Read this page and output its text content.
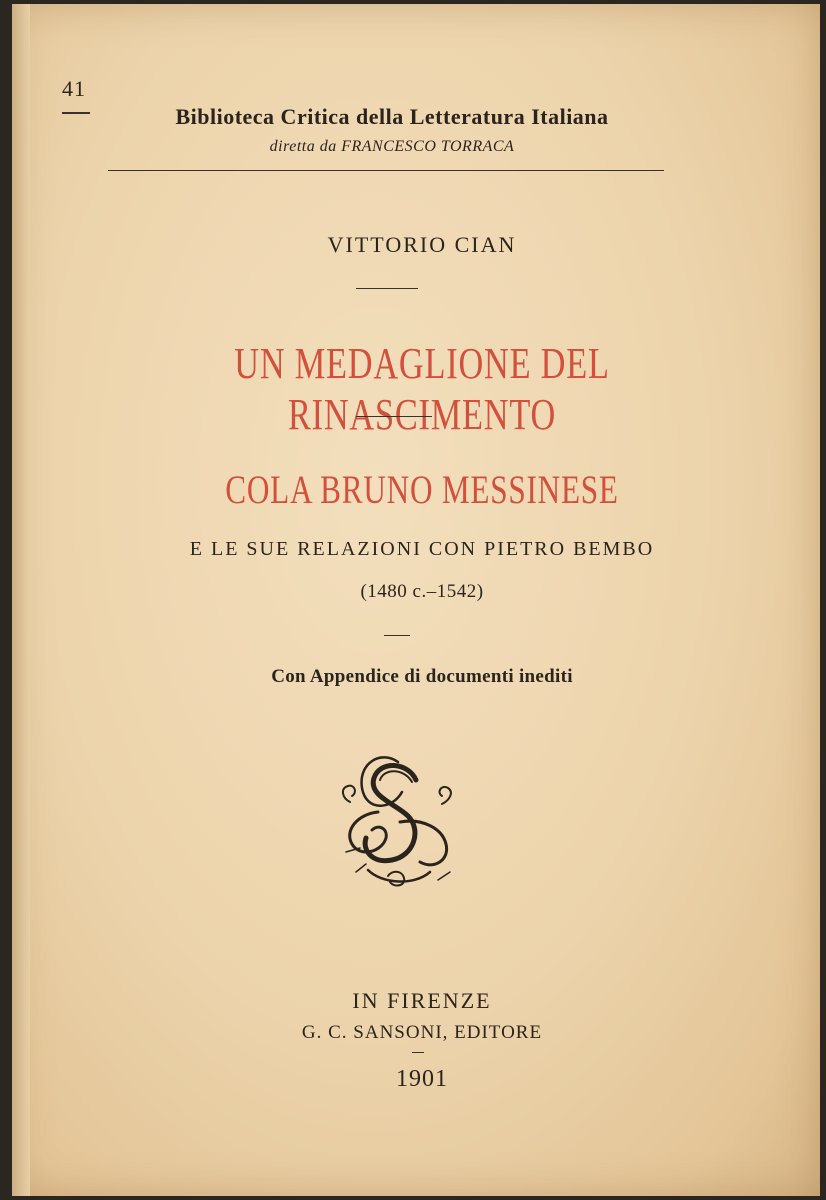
41
Biblioteca Critica della Letteratura Italiana
diretta da FRANCESCO TORRACA
VITTORIO CIAN
UN MEDAGLIONE DEL RINASCIMENTO
COLA BRUNO MESSINESE
E LE SUE RELAZIONI CON PIETRO BEMBO
(1480 c.–1542)
Con Appendice di documenti inediti
IN FIRENZE
G. C. SANSONI, EDITORE
1901
